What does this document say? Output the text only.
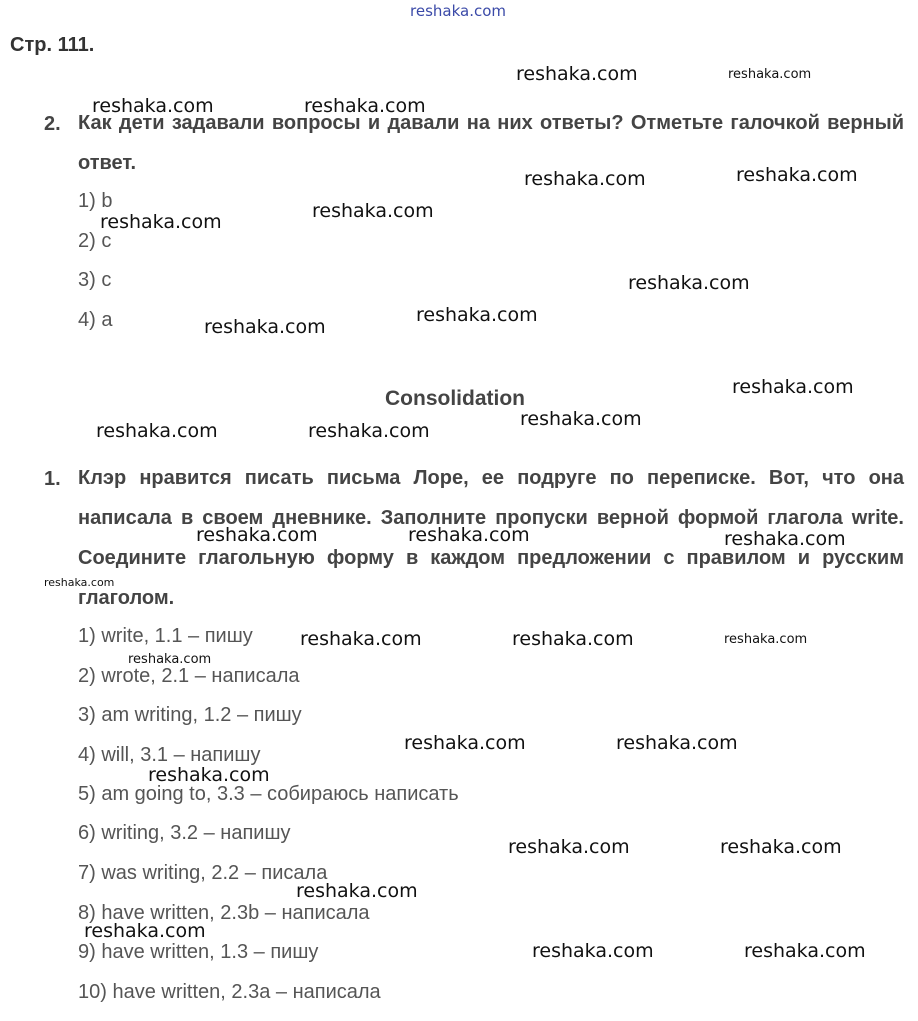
reshaka.com
Стр. 111.
2. Как дети задавали вопросы и давали на них ответы? Отметьте галочкой верный ответ.
1) b
2) c
3) c
4) a
Consolidation
1. Клэр нравится писать письма Лоре, ее подруге по переписке. Вот, что она написала в своем дневнике. Заполните пропуски верной формой глагола write. Соедините глагольную форму в каждом предложении с правилом и русским глаголом.
1) write, 1.1 – пишу
2) wrote, 2.1 – написала
3) am writing, 1.2 – пишу
4) will, 3.1 – напишу
5) am going to, 3.3 – собираюсь написать
6) writing, 3.2 – напишу
7) was writing, 2.2 – писала
8) have written, 2.3b – написала
9) have written, 1.3 – пишу
10) have written, 2.3a – написала
reshaka.com	reshaka.com
reshaka.com	reshaka.com
reshaka.com	reshaka.com
reshaka.com
reshaka.com
reshaka.com
reshaka.com
reshaka.com
reshaka.com
reshaka.com
reshaka.com	reshaka.com
reshaka.com	reshaka.com	reshaka.com
reshaka.com
reshaka.com	reshaka.com	reshaka.com
reshaka.com
reshaka.com	reshaka.com
reshaka.com
reshaka.com	reshaka.com
reshaka.com
reshaka.com
reshaka.com	reshaka.com
